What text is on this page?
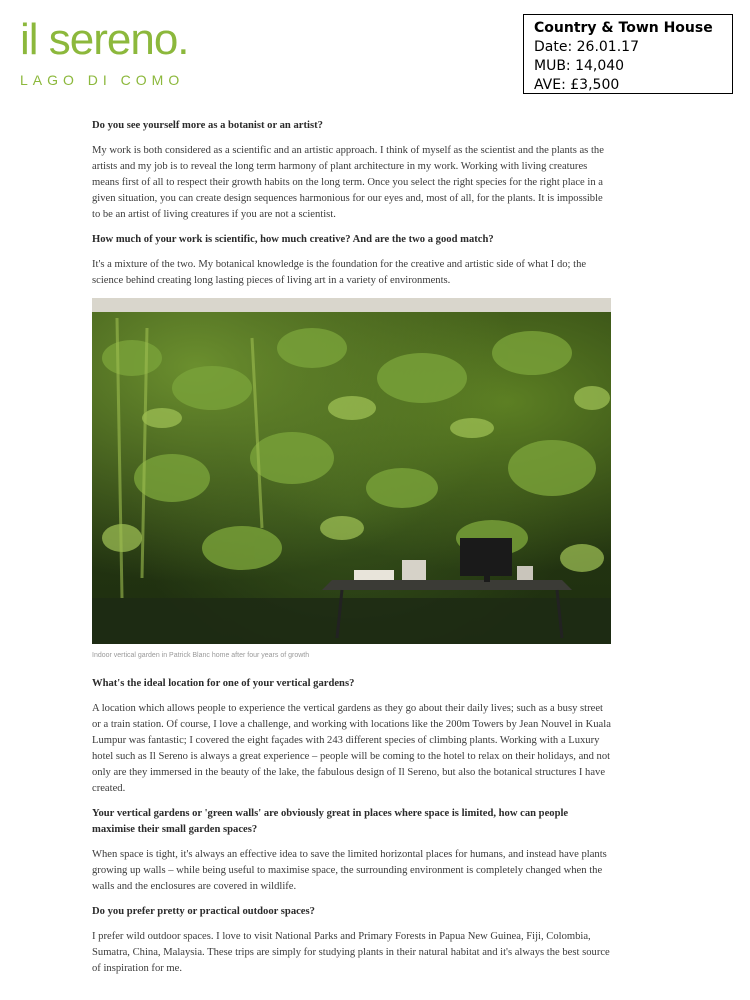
il sereno.
LAGO DI COMO
Country & Town House
Date: 26.01.17
MUB: 14,040
AVE: £3,500

Do you see yourself more as a botanist or an artist?

My work is both considered as a scientific and an artistic approach. I think of myself as the scientist and the plants as the artists and my job is to reveal the long term harmony of plant architecture in my work. Working with living creatures means first of all to respect their growth habits on the long term. Once you select the right species for the right place in a given situation, you can create design sequences harmonious for our eyes and, most of all, for the plants. It is impossible to be an artist of living creatures if you are not a scientist.

How much of your work is scientific, how much creative? And are the two a good match?

It's a mixture of the two. My botanical knowledge is the foundation for the creative and artistic side of what I do; the science behind creating long lasting pieces of living art in a variety of environments.

Indoor vertical garden in Patrick Blanc home after four years of growth

What's the ideal location for one of your vertical gardens?

A location which allows people to experience the vertical gardens as they go about their daily lives; such as a busy street or a train station. Of course, I love a challenge, and working with locations like the 200m Towers by Jean Nouvel in Kuala Lumpur was fantastic; I covered the eight façades with 243 different species of climbing plants. Working with a Luxury hotel such as Il Sereno is always a great experience – people will be coming to the hotel to relax on their holidays, and not only are they immersed in the beauty of the lake, the fabulous design of Il Sereno, but also the botanical structures I have created.

Your vertical gardens or 'green walls' are obviously great in places where space is limited, how can people maximise their small garden spaces?

When space is tight, it's always an effective idea to save the limited horizontal places for humans, and instead have plants growing up walls – while being useful to maximise space, the surrounding environment is completely changed when the walls and the enclosures are covered in wildlife.

Do you prefer pretty or practical outdoor spaces?

I prefer wild outdoor spaces. I love to visit National Parks and Primary Forests in Papua New Guinea, Fiji, Colombia, Sumatra, China, Malaysia. These trips are simply for studying plants in their natural habitat and it's always the best source of inspiration for me.
